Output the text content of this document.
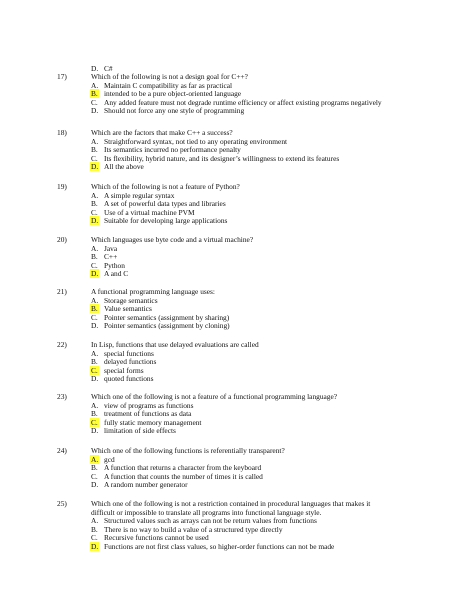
D. C#
17)	Which of the following is not a design goal for C++?
A. Maintain C compatibility as far as practical
B. intended to be a pure object-oriented language
C. Any added feature must not degrade runtime efficiency or affect existing programs negatively
D. Should not force any one style of programming
18)	Which are the factors that make C++ a success?
A. Straightforward syntax, not tied to any operating environment
B. Its semantics incurred no performance penalty
C. Its flexibility, hybrid nature, and its designer’s willingness to extend its features
D. All the above
19)	Which of the following is not a feature of Python?
A. A simple regular syntax
B. A set of powerful data types and libraries
C. Use of a virtual machine PVM
D. Suitable for developing large applications
20)	Which languages use byte code and a virtual machine?
A. Java
B. C++
C. Python
D. A and C
21)	A functional programming language uses:
A. Storage semantics
B. Value semantics
C. Pointer semantics (assignment by sharing)
D. Pointer semantics (assignment by cloning)
22)	In Lisp, functions that use delayed evaluations are called
A. special functions
B. delayed functions
C. special forms
D. quoted functions
23)	Which one of the following is not a feature of a functional programming language?
A. view of programs as functions
B. treatment of functions as data
C. fully static memory management
D. limitation of side effects
24)	Which one of the following functions is referentially transparent?
A. gcd
B. A function that returns a character from the keyboard
C. A function that counts the number of times it is called
D. A random number generator
25)	Which one of the following is not a restriction contained in procedural languages that makes it
difficult or impossible to translate all programs into functional language style.
A. Structured values such as arrays can not be return values from functions
B. There is no way to build a value of a structured type directly
C. Recursive functions cannot be used
D. Functions are not first class values, so higher-order functions can not be made
